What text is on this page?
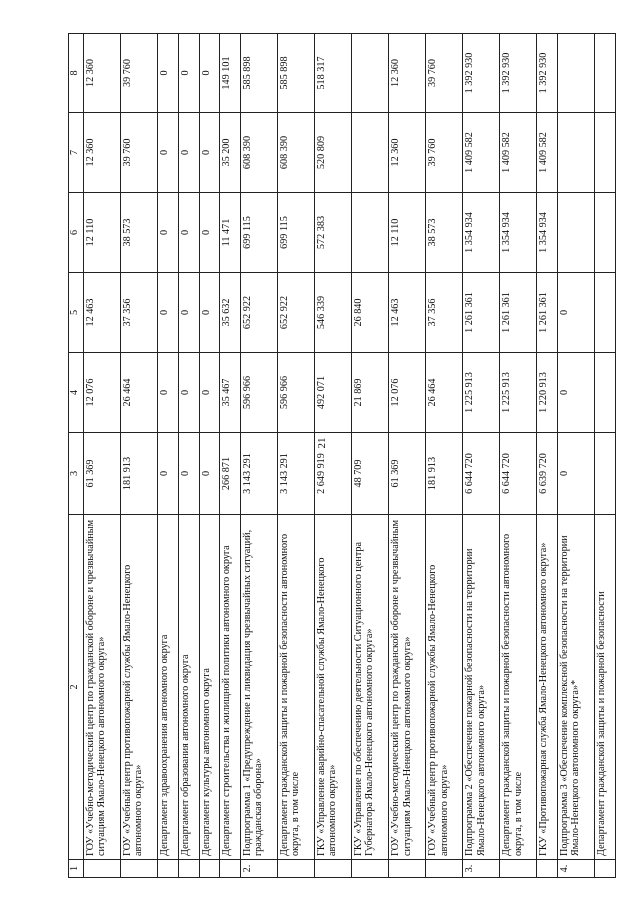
21
1	2	3	4	5	6	7	8
	ГОУ «Учебно-методический центр по гражданской обороне и чрезвычайным ситуациям Ямало-Ненецкого автономного округа»	61 369	12 076	12 463	12 110	12 360	12 360
	ГОУ «Учебный центр противопожарной службы Ямало-Ненецкого автономного округа»	181 913	26 464	37 356	38 573	39 760	39 760
	Департамент здравоохранения автономного округа	0	0	0	0	0	0
	Департамент образования автономного округа	0	0	0	0	0	0
	Департамент культуры автономного округа	0	0	0	0	0	0
	Департамент строительства и жилищной политики автономного округа	266 871	35 467	35 632	11 471	35 200	149 101
2.	Подпрограмма 1 «Предупреждение и ликвидация чрезвычайных ситуаций, гражданская оборона»	3 143 291	596 966	652 922	699 115	608 390	585 898
	Департамент гражданской защиты и пожарной безопасности автономного округа, в том числе	3 143 291	596 966	652 922	699 115	608 390	585 898
	ГКУ «Управление аварийно-спасательной службы Ямало-Ненецкого автономного округа»	2 649 919	492 071	546 339	572 383	520 809	518 317
	ГКУ «Управление по обеспечению деятельности Ситуационного центра Губернатора Ямало-Ненецкого автономного округа»	48 709	21 869	26 840			
	ГОУ «Учебно-методический центр по гражданской обороне и чрезвычайным ситуациям Ямало-Ненецкого автономного округа»	61 369	12 076	12 463	12 110	12 360	12 360
	ГОУ «Учебный центр противопожарной службы Ямало-Ненецкого автономного округа»	181 913	26 464	37 356	38 573	39 760	39 760
3.	Подпрограмма 2 «Обеспечение пожарной безопасности на территории Ямало-Ненецкого автономного округа»	6 644 720	1 225 913	1 261 361	1 354 934	1 409 582	1 392 930
	Департамент гражданской защиты и пожарной безопасности автономного округа, в том числе	6 644 720	1 225 913	1 261 361	1 354 934	1 409 582	1 392 930
	ГКУ «Противопожарная служба Ямало-Ненецкого автономного округа»	6 639 720	1 220 913	1 261 361	1 354 934	1 409 582	1 392 930
4.	Подпрограмма 3 «Обеспечение комплексной безопасности на территории Ямало-Ненецкого автономного округа»*	0	0	0			
	Департамент гражданской защиты и пожарной безопасности						
